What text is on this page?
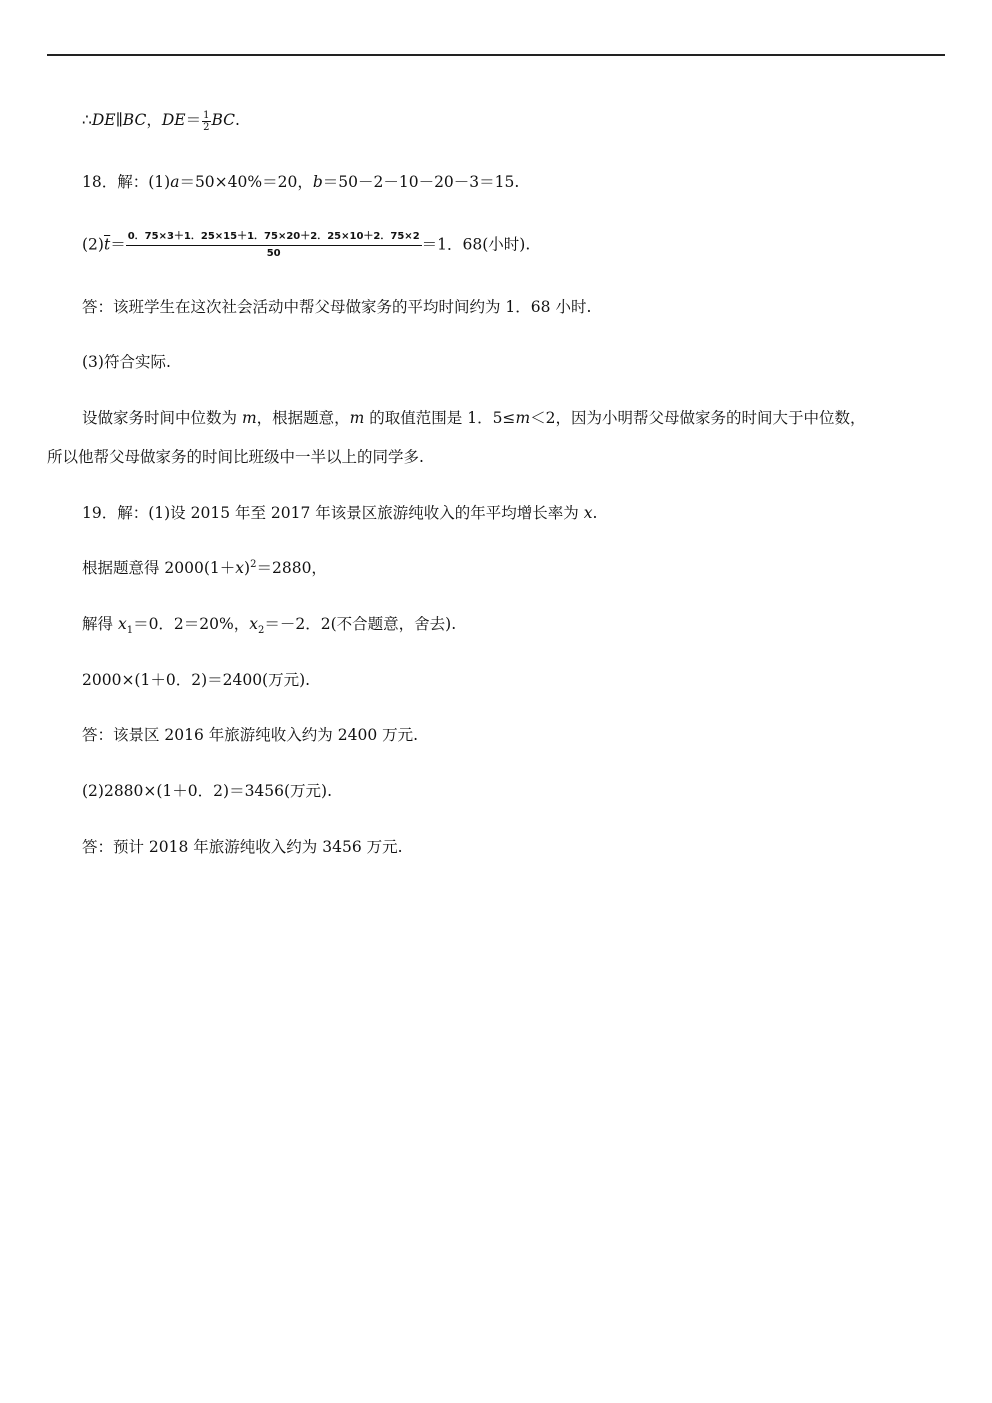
∴DE∥BC，$DE= \frac{1}{2}$ BC.
18．解：(1)a＝50×40%＝20，b＝50－2－10－20－3＝15.
$(2)\overline{t}= \frac{0.75\times 3+1.25\times 15+1.75\times 20+2.25\times 10+2.75\times 2}{50} =1$．68(小时).
答：该班学生在这次社会活动中帮父母做家务的平均时间约为 1．68 小时.
(3)符合实际.
设做家务时间中位数为 m，根据题意，m 的取值范围是 1．5≤m＜2，因为小明帮父母做家务的时间大于中位数，
所以他帮父母做家务的时间比班级中一半以上的同学多.
19．解：(1)设 2015 年至 2017 年该景区旅游纯收入的年平均增长率为 x.
根据题意得 $2000(1+x)^2=2880$，
解得 $x_1=0$．2＝20%，$x_2=-2$．2(不合题意，舍去).
2000×(1＋0．2)＝2400(万元).
答：该景区 2016 年旅游纯收入约为 2400 万元.
(2)2880×(1＋0．2)＝3456(万元).
答：预计 2018 年旅游纯收入约为 3456 万元.
